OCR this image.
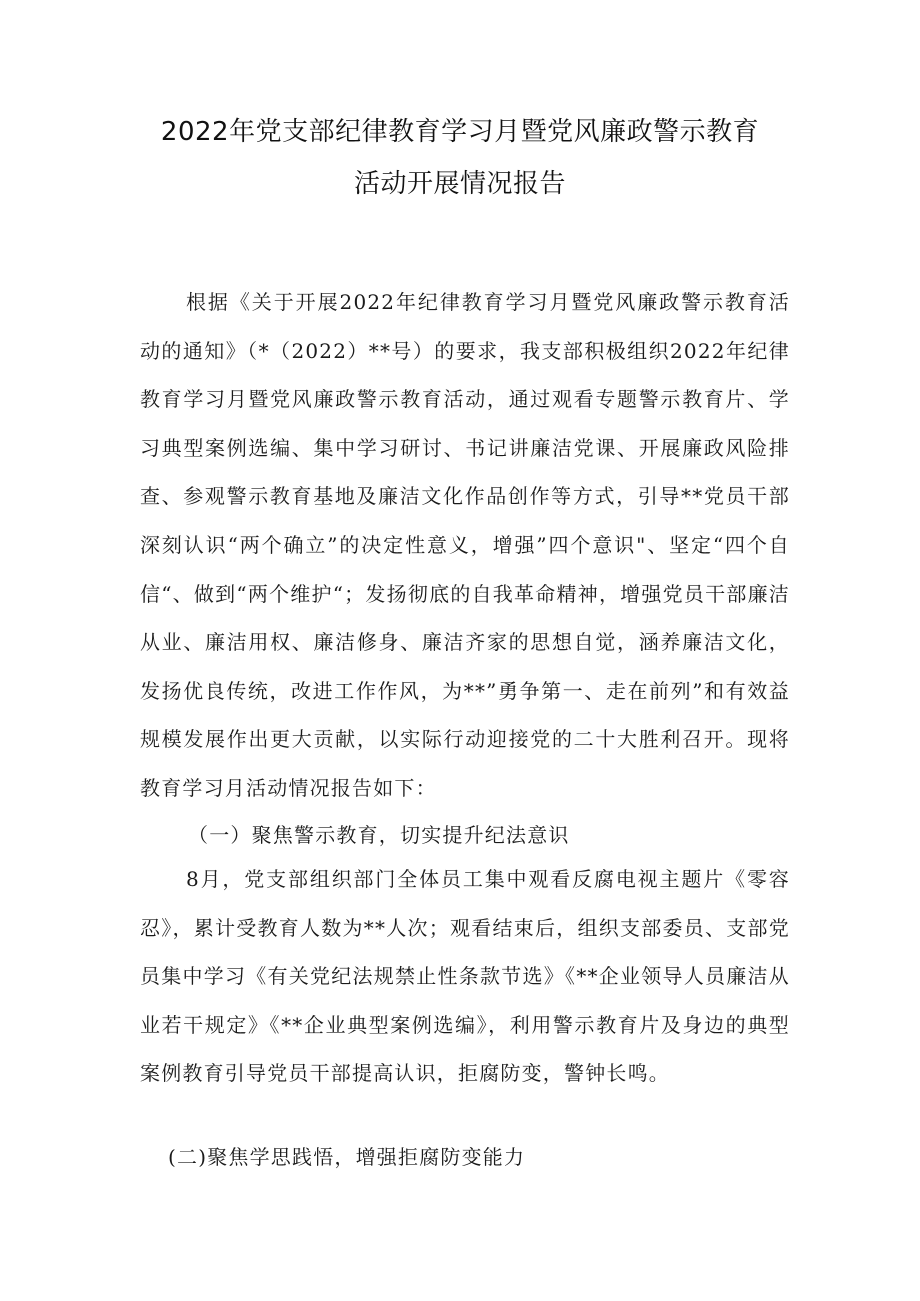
2022年党支部纪律教育学习月暨党风廉政警示教育
活动开展情况报告

根据《关于开展2022年纪律教育学习月暨党风廉政警示教育活动的通知》（*（2022）**号）的要求，我支部积极组织2022年纪律教育学习月暨党风廉政警示教育活动，通过观看专题警示教育片、学习典型案例选编、集中学习研讨、书记讲廉洁党课、开展廉政风险排查、参观警示教育基地及廉洁文化作品创作等方式，引导**党员干部深刻认识“两个确立”的决定性意义，增强”四个意识"、坚定“四个自信“、做到“两个维护“；发扬彻底的自我革命精神，增强党员干部廉洁从业、廉洁用权、廉洁修身、廉洁齐家的思想自觉，涵养廉洁文化，发扬优良传统，改进工作作风，为**”勇争第一、走在前列”和有效益规模发展作出更大贡献，以实际行动迎接党的二十大胜利召开。现将教育学习月活动情况报告如下：

（一）聚焦警示教育，切实提升纪法意识

8月，党支部组织部门全体员工集中观看反腐电视主题片《零容忍》，累计受教育人数为**人次；观看结束后，组织支部委员、支部党员集中学习《有关党纪法规禁止性条款节选》《**企业领导人员廉洁从业若干规定》《**企业典型案例选编》，利用警示教育片及身边的典型案例教育引导党员干部提高认识，拒腐防变，警钟长鸣。

(二)聚焦学思践悟，增强拒腐防变能力
